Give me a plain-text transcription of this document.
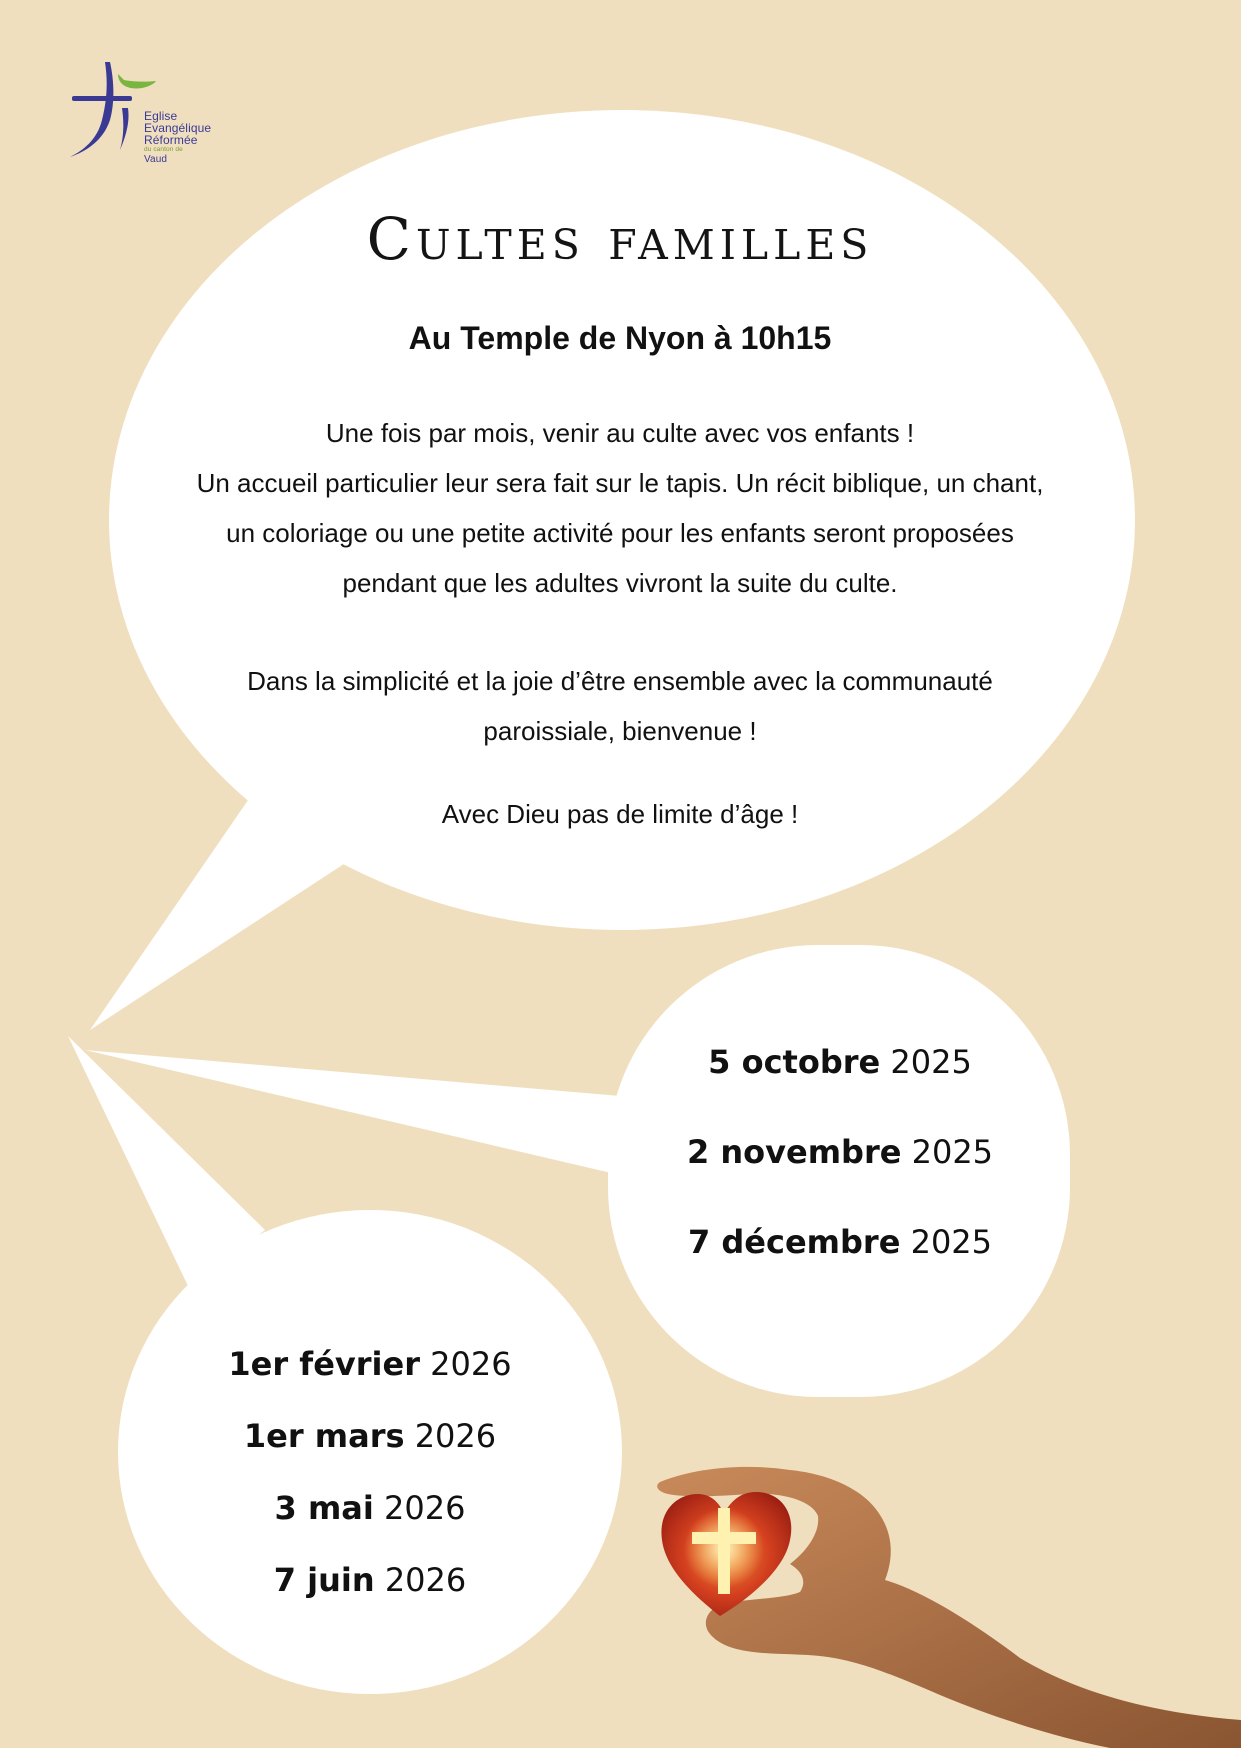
Eglise
Evangélique
Réformée
du canton de
Vaud
Cultes familles
Au Temple de Nyon à 10h15

Une fois par mois, venir au culte avec vos enfants !

Un accueil particulier leur sera fait sur le tapis. Un récit biblique, un chant,

un coloriage ou une petite activité pour les enfants seront proposées

pendant que les adultes vivront la suite du culte.

Dans la simplicité et la joie d’être ensemble avec la communauté

paroissiale, bienvenue !

Avec Dieu pas de limite d’âge !

5 octobre 2025
2 novembre 2025
7 décembre 2025
1er février 2026
1er mars 2026
3 mai 2026
7 juin 2026
